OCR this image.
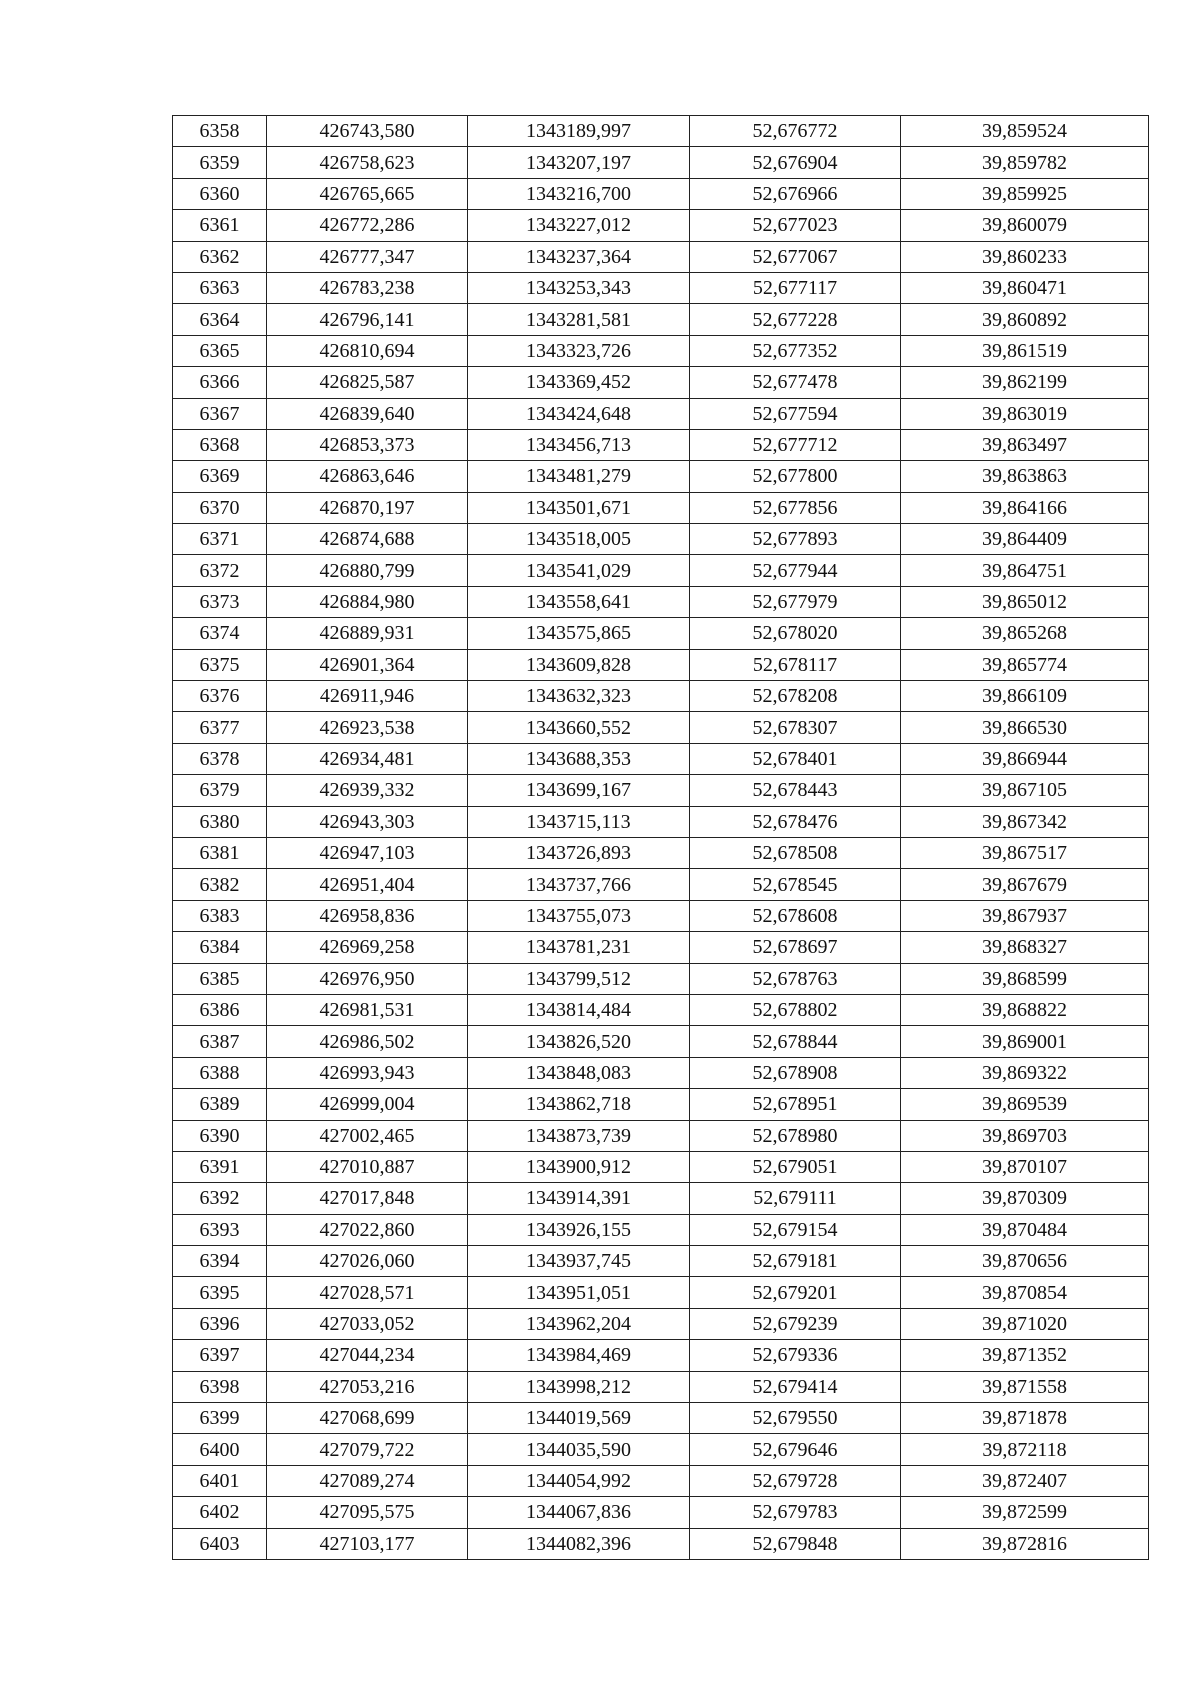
6358	426743,580	1343189,997	52,676772	39,859524
6359	426758,623	1343207,197	52,676904	39,859782
6360	426765,665	1343216,700	52,676966	39,859925
6361	426772,286	1343227,012	52,677023	39,860079
6362	426777,347	1343237,364	52,677067	39,860233
6363	426783,238	1343253,343	52,677117	39,860471
6364	426796,141	1343281,581	52,677228	39,860892
6365	426810,694	1343323,726	52,677352	39,861519
6366	426825,587	1343369,452	52,677478	39,862199
6367	426839,640	1343424,648	52,677594	39,863019
6368	426853,373	1343456,713	52,677712	39,863497
6369	426863,646	1343481,279	52,677800	39,863863
6370	426870,197	1343501,671	52,677856	39,864166
6371	426874,688	1343518,005	52,677893	39,864409
6372	426880,799	1343541,029	52,677944	39,864751
6373	426884,980	1343558,641	52,677979	39,865012
6374	426889,931	1343575,865	52,678020	39,865268
6375	426901,364	1343609,828	52,678117	39,865774
6376	426911,946	1343632,323	52,678208	39,866109
6377	426923,538	1343660,552	52,678307	39,866530
6378	426934,481	1343688,353	52,678401	39,866944
6379	426939,332	1343699,167	52,678443	39,867105
6380	426943,303	1343715,113	52,678476	39,867342
6381	426947,103	1343726,893	52,678508	39,867517
6382	426951,404	1343737,766	52,678545	39,867679
6383	426958,836	1343755,073	52,678608	39,867937
6384	426969,258	1343781,231	52,678697	39,868327
6385	426976,950	1343799,512	52,678763	39,868599
6386	426981,531	1343814,484	52,678802	39,868822
6387	426986,502	1343826,520	52,678844	39,869001
6388	426993,943	1343848,083	52,678908	39,869322
6389	426999,004	1343862,718	52,678951	39,869539
6390	427002,465	1343873,739	52,678980	39,869703
6391	427010,887	1343900,912	52,679051	39,870107
6392	427017,848	1343914,391	52,679111	39,870309
6393	427022,860	1343926,155	52,679154	39,870484
6394	427026,060	1343937,745	52,679181	39,870656
6395	427028,571	1343951,051	52,679201	39,870854
6396	427033,052	1343962,204	52,679239	39,871020
6397	427044,234	1343984,469	52,679336	39,871352
6398	427053,216	1343998,212	52,679414	39,871558
6399	427068,699	1344019,569	52,679550	39,871878
6400	427079,722	1344035,590	52,679646	39,872118
6401	427089,274	1344054,992	52,679728	39,872407
6402	427095,575	1344067,836	52,679783	39,872599
6403	427103,177	1344082,396	52,679848	39,872816
